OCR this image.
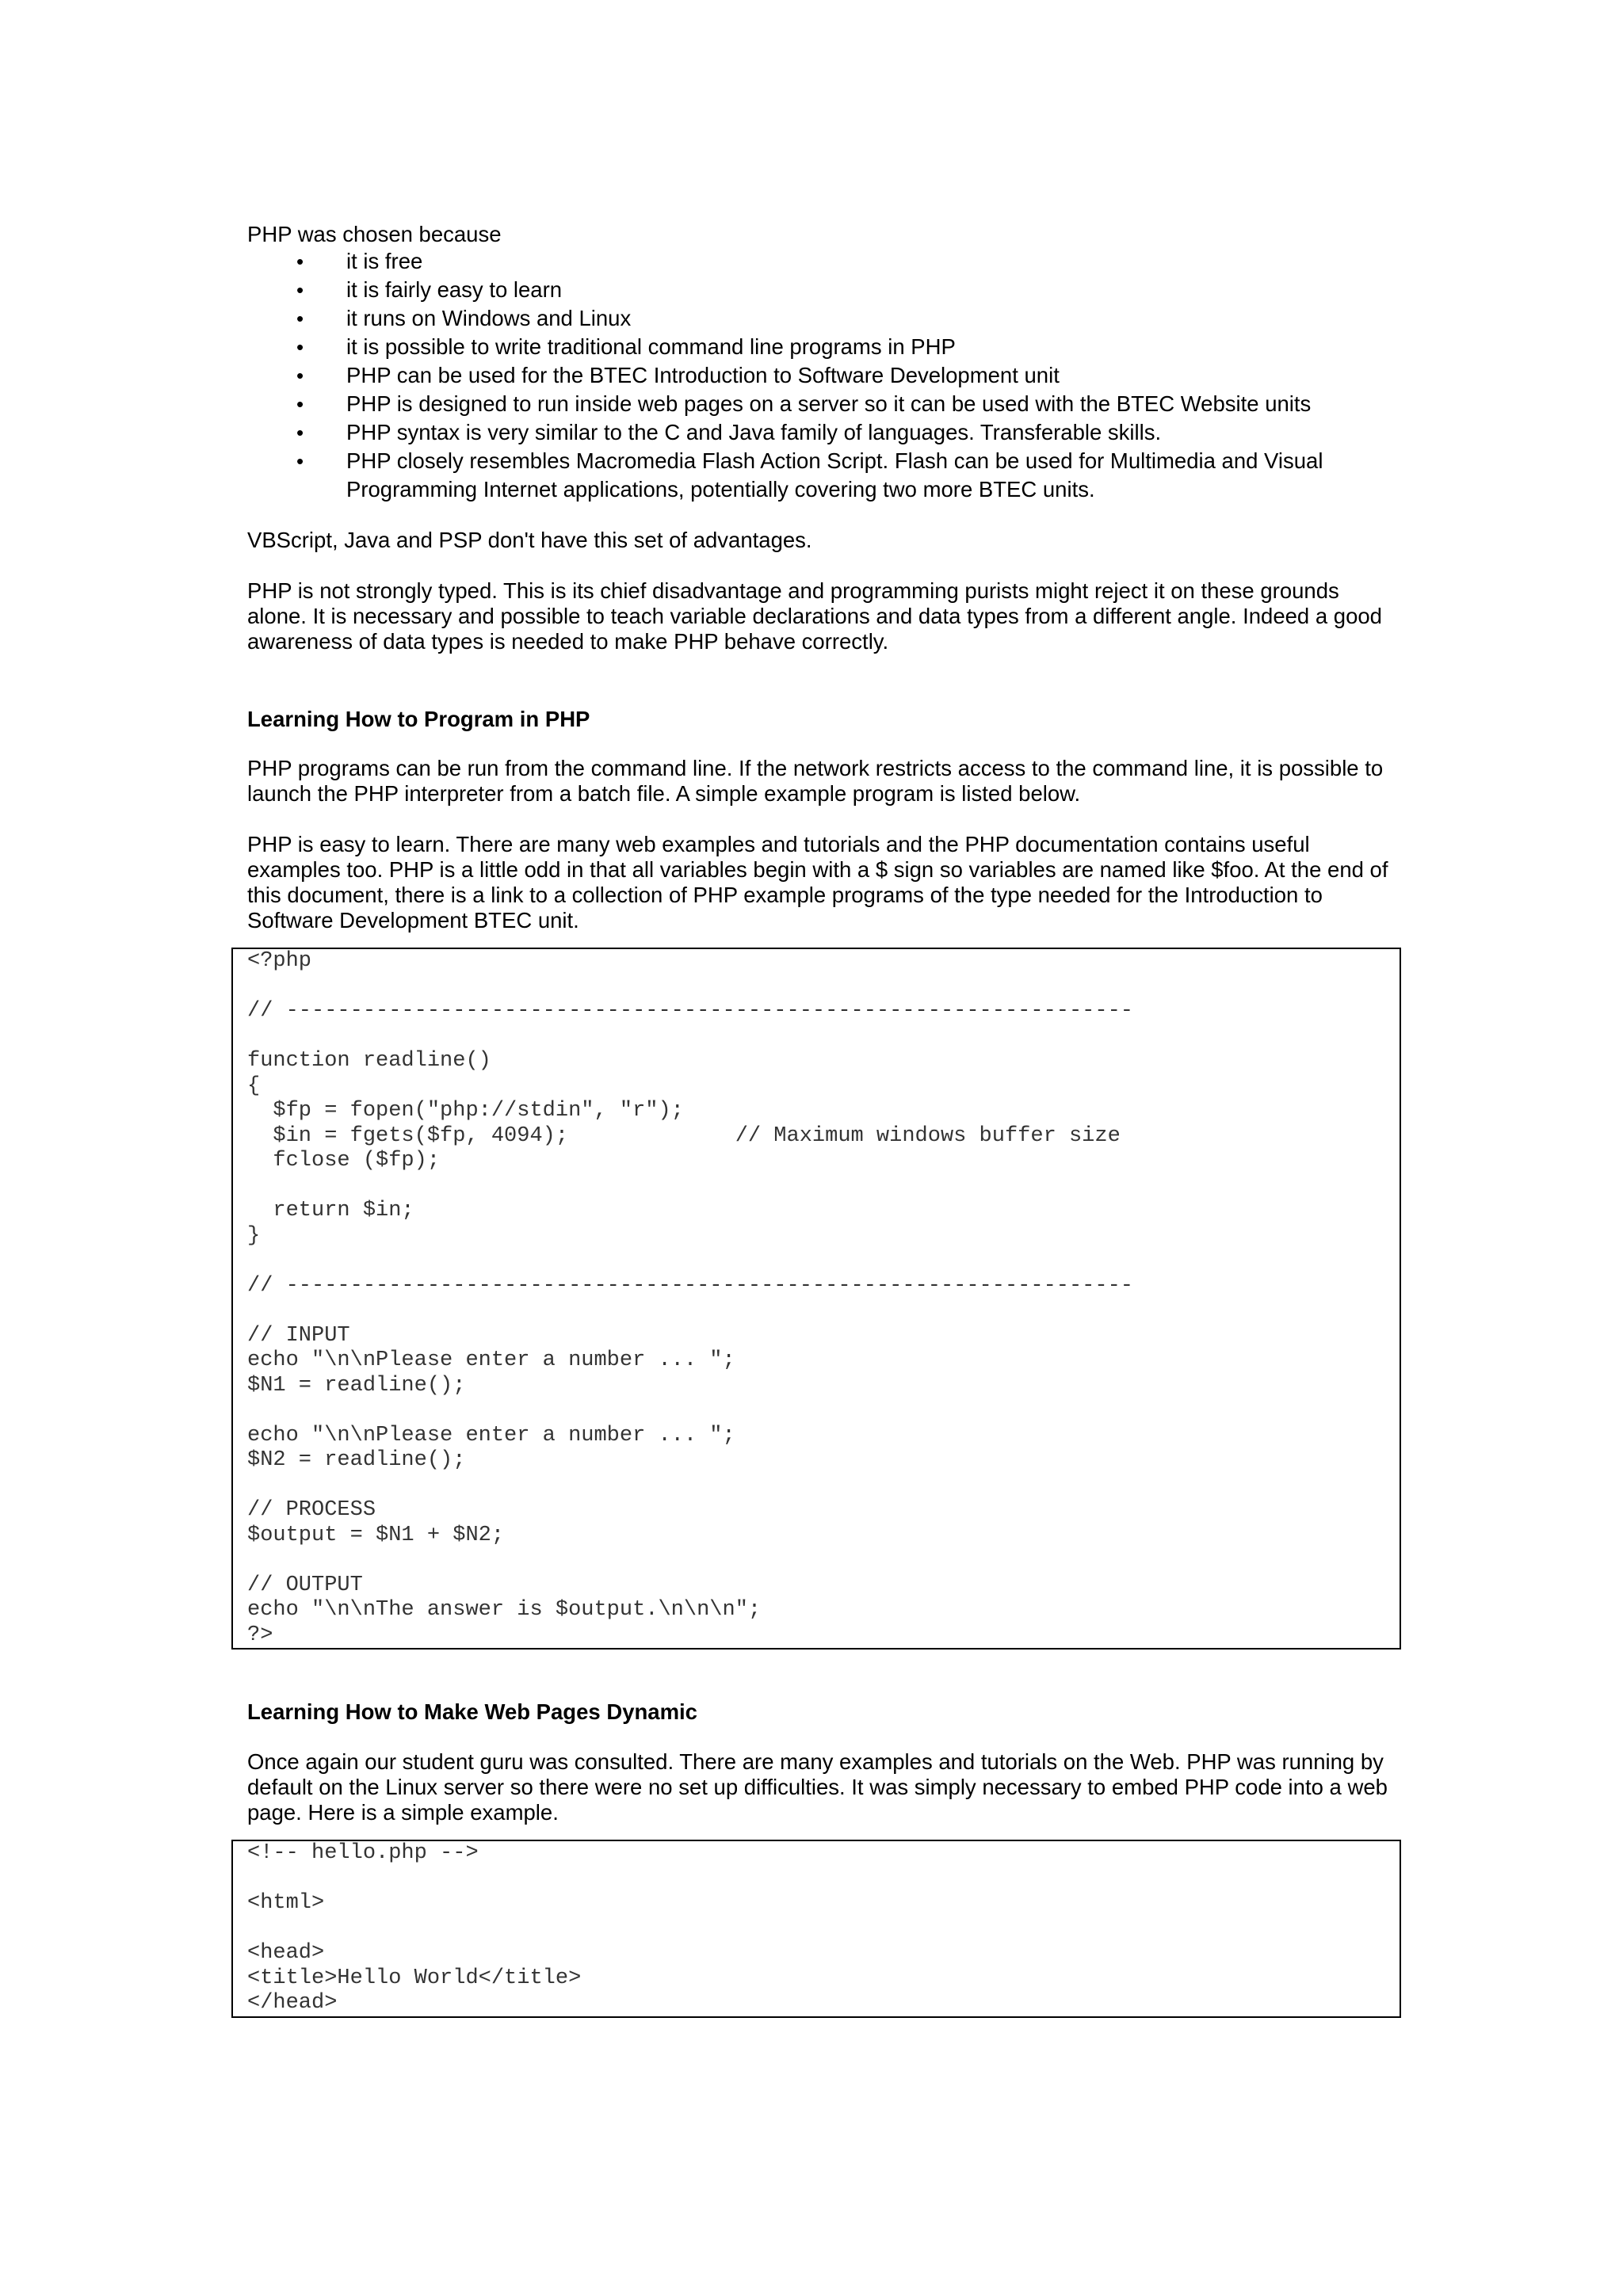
PHP was chosen because

• it is free
• it is fairly easy to learn
• it runs on Windows and Linux
• it is possible to write traditional command line programs in PHP
• PHP can be used for the BTEC Introduction to Software Development unit
• PHP is designed to run inside web pages on a server so it can be used with the BTEC Website units
• PHP syntax is very similar to the C and Java family of languages. Transferable skills.
• PHP closely resembles Macromedia Flash Action Script. Flash can be used for Multimedia and Visual Programming Internet applications, potentially covering two more BTEC units.

VBScript, Java and PSP don't have this set of advantages.

PHP is not strongly typed. This is its chief disadvantage and programming purists might reject it on these grounds alone. It is necessary and possible to teach variable declarations and data types from a different angle. Indeed a good awareness of data types is needed to make PHP behave correctly.

Learning How to Program in PHP

PHP programs can be run from the command line. If the network restricts access to the command line, it is possible to launch the PHP interpreter from a batch file. A simple example program is listed below.

PHP is easy to learn. There are many web examples and tutorials and the PHP documentation contains useful examples too. PHP is a little odd in that all variables begin with a $ sign so variables are named like $foo. At the end of this document, there is a link to a collection of PHP example programs of the type needed for the Introduction to Software Development BTEC unit.

<?php

// ------------------------------------------------------------------

function readline()
{
$fp = fopen("php://stdin", "r");
$in = fgets($fp, 4094);             // Maximum windows buffer size
fclose ($fp);

return $in;
}

// ------------------------------------------------------------------

// INPUT
echo "\n\nPlease enter a number ... ";
$N1 = readline();

echo "\n\nPlease enter a number ... ";
$N2 = readline();

// PROCESS
$output = $N1 + $N2;

// OUTPUT
echo "\n\nThe answer is $output.\n\n\n";
?>

Learning How to Make Web Pages Dynamic

Once again our student guru was consulted. There are many examples and tutorials on the Web. PHP was running by default on the Linux server so there were no set up difficulties. It was simply necessary to embed PHP code into a web page. Here is a simple example.

<!-- hello.php -->

<html>

<head>
<title>Hello World</title>
</head>
